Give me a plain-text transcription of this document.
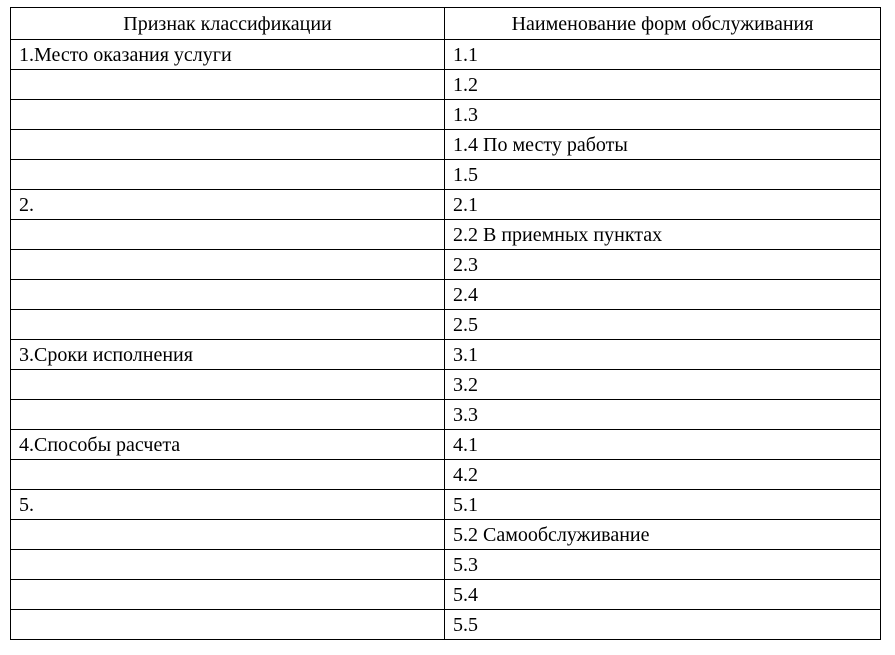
Признак классификации	Наименование форм обслуживания
1.Место оказания услуги	1.1
	1.2
	1.3
	1.4 По месту работы
	1.5
2.	2.1
	2.2 В приемных пунктах
	2.3
	2.4
	2.5
3.Сроки исполнения	3.1
	3.2
	3.3
4.Способы расчета	4.1
	4.2
5.	5.1
	5.2 Самообслуживание
	5.3
	5.4
	5.5
